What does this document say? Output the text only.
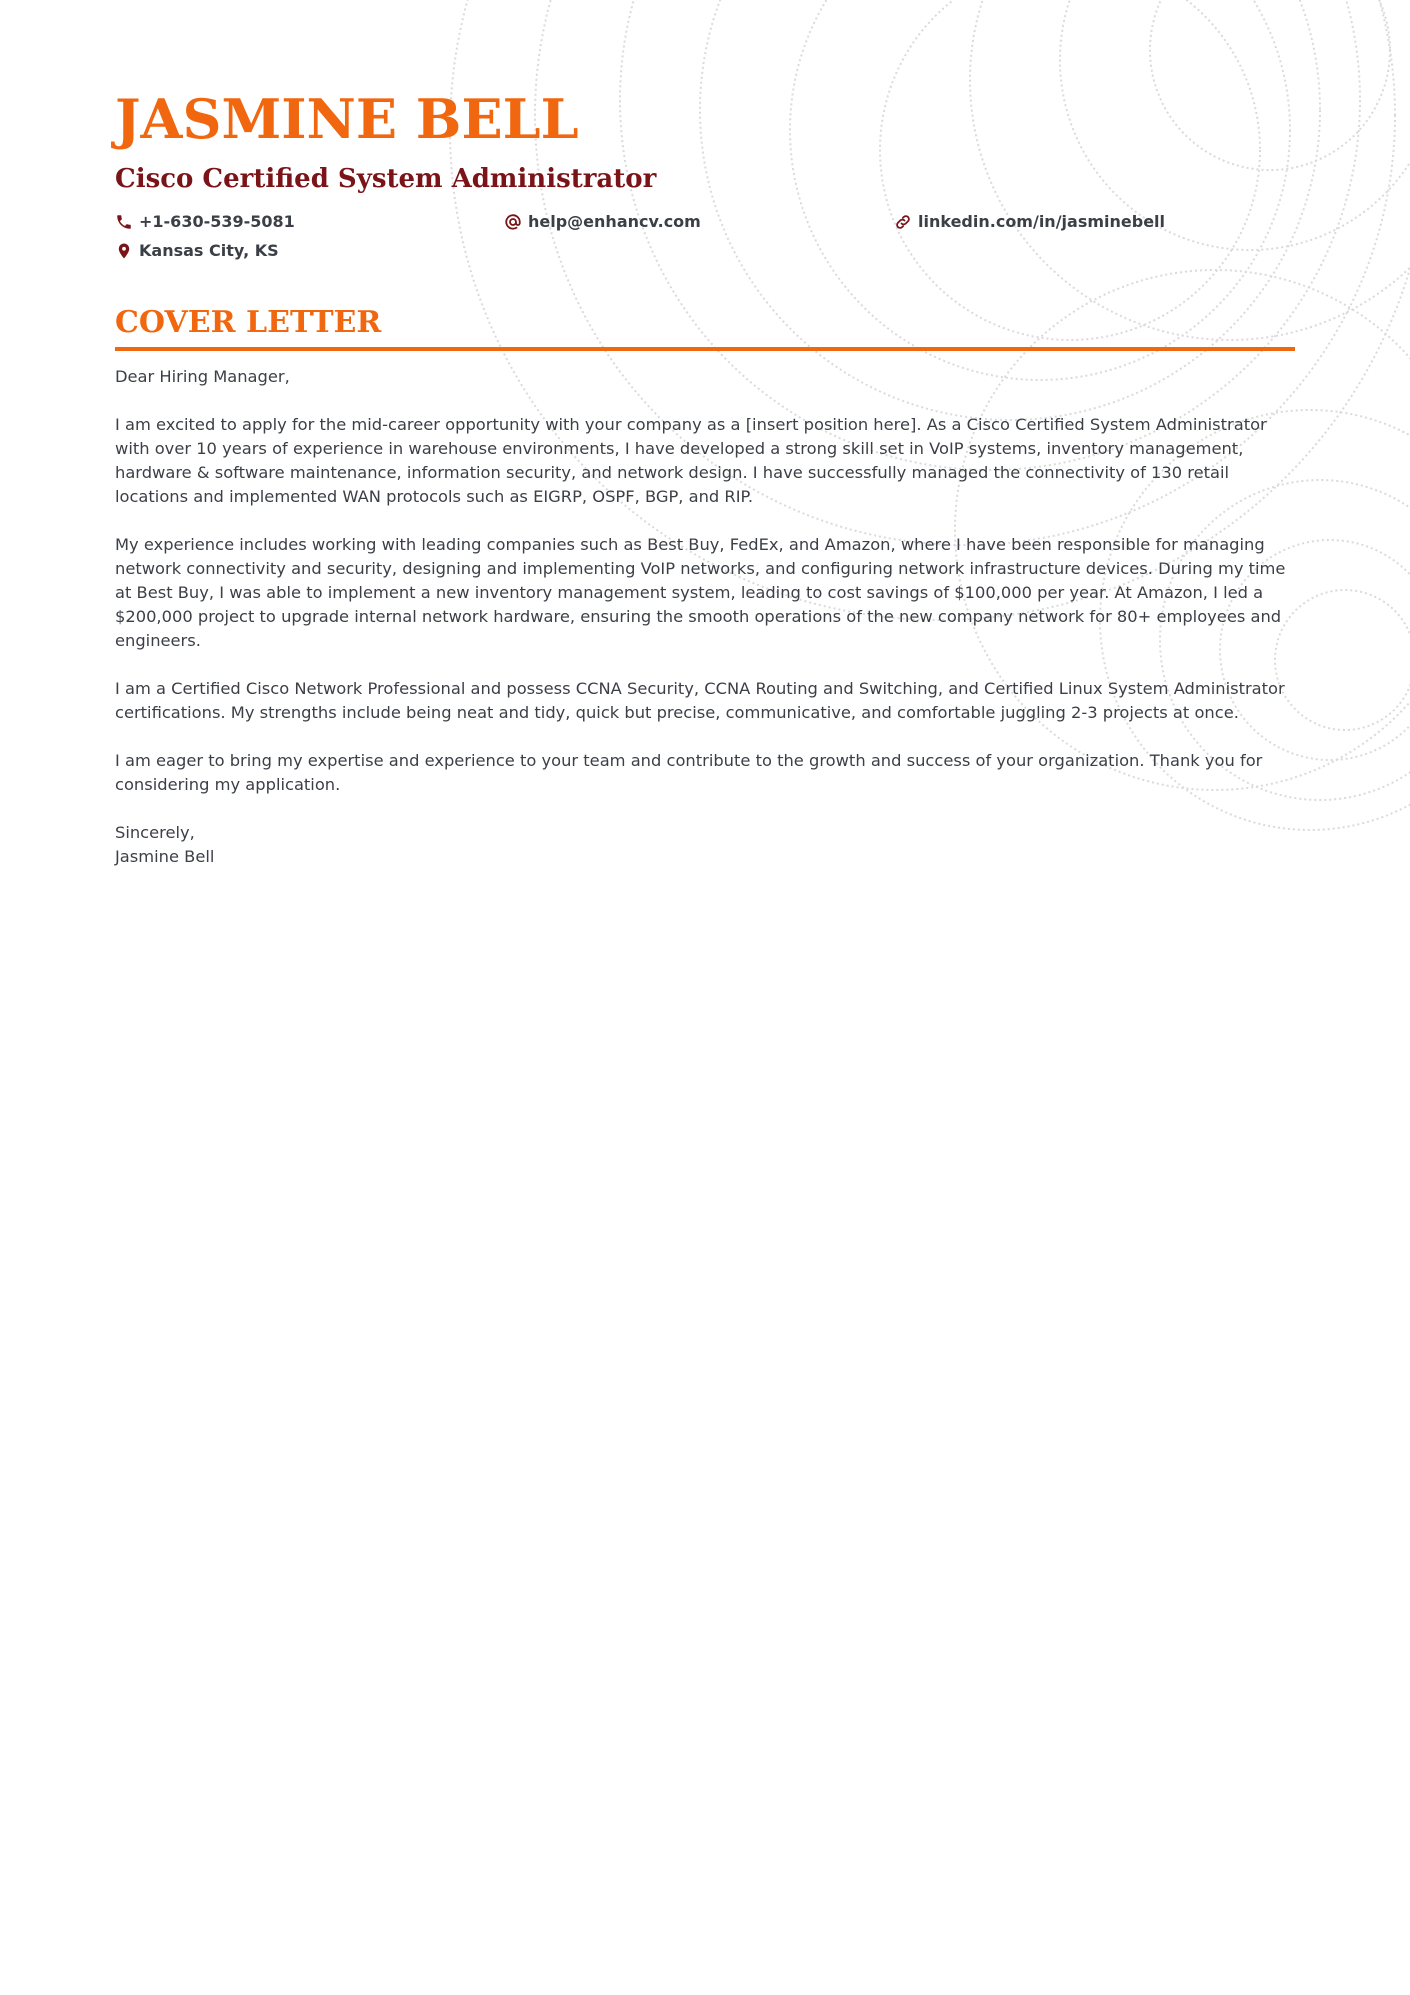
JASMINE BELL
Cisco Certified System Administrator
+1-630-539-5081	help@enhancv.com	linkedin.com/in/jasminebell
Kansas City, KS
COVER LETTER

Dear Hiring Manager,

I am excited to apply for the mid-career opportunity with your company as a [insert position here]. As a Cisco Certified System Administrator with over 10 years of experience in warehouse environments, I have developed a strong skill set in VoIP systems, inventory management, hardware & software maintenance, information security, and network design. I have successfully managed the connectivity of 130 retail locations and implemented WAN protocols such as EIGRP, OSPF, BGP, and RIP.

My experience includes working with leading companies such as Best Buy, FedEx, and Amazon, where I have been responsible for managing network connectivity and security, designing and implementing VoIP networks, and configuring network infrastructure devices. During my time at Best Buy, I was able to implement a new inventory management system, leading to cost savings of $100,000 per year. At Amazon, I led a $200,000 project to upgrade internal network hardware, ensuring the smooth operations of the new company network for 80+ employees and engineers.

I am a Certified Cisco Network Professional and possess CCNA Security, CCNA Routing and Switching, and Certified Linux System Administrator certifications. My strengths include being neat and tidy, quick but precise, communicative, and comfortable juggling 2-3 projects at once.

I am eager to bring my expertise and experience to your team and contribute to the growth and success of your organization. Thank you for considering my application.

Sincerely,

Jasmine Bell
